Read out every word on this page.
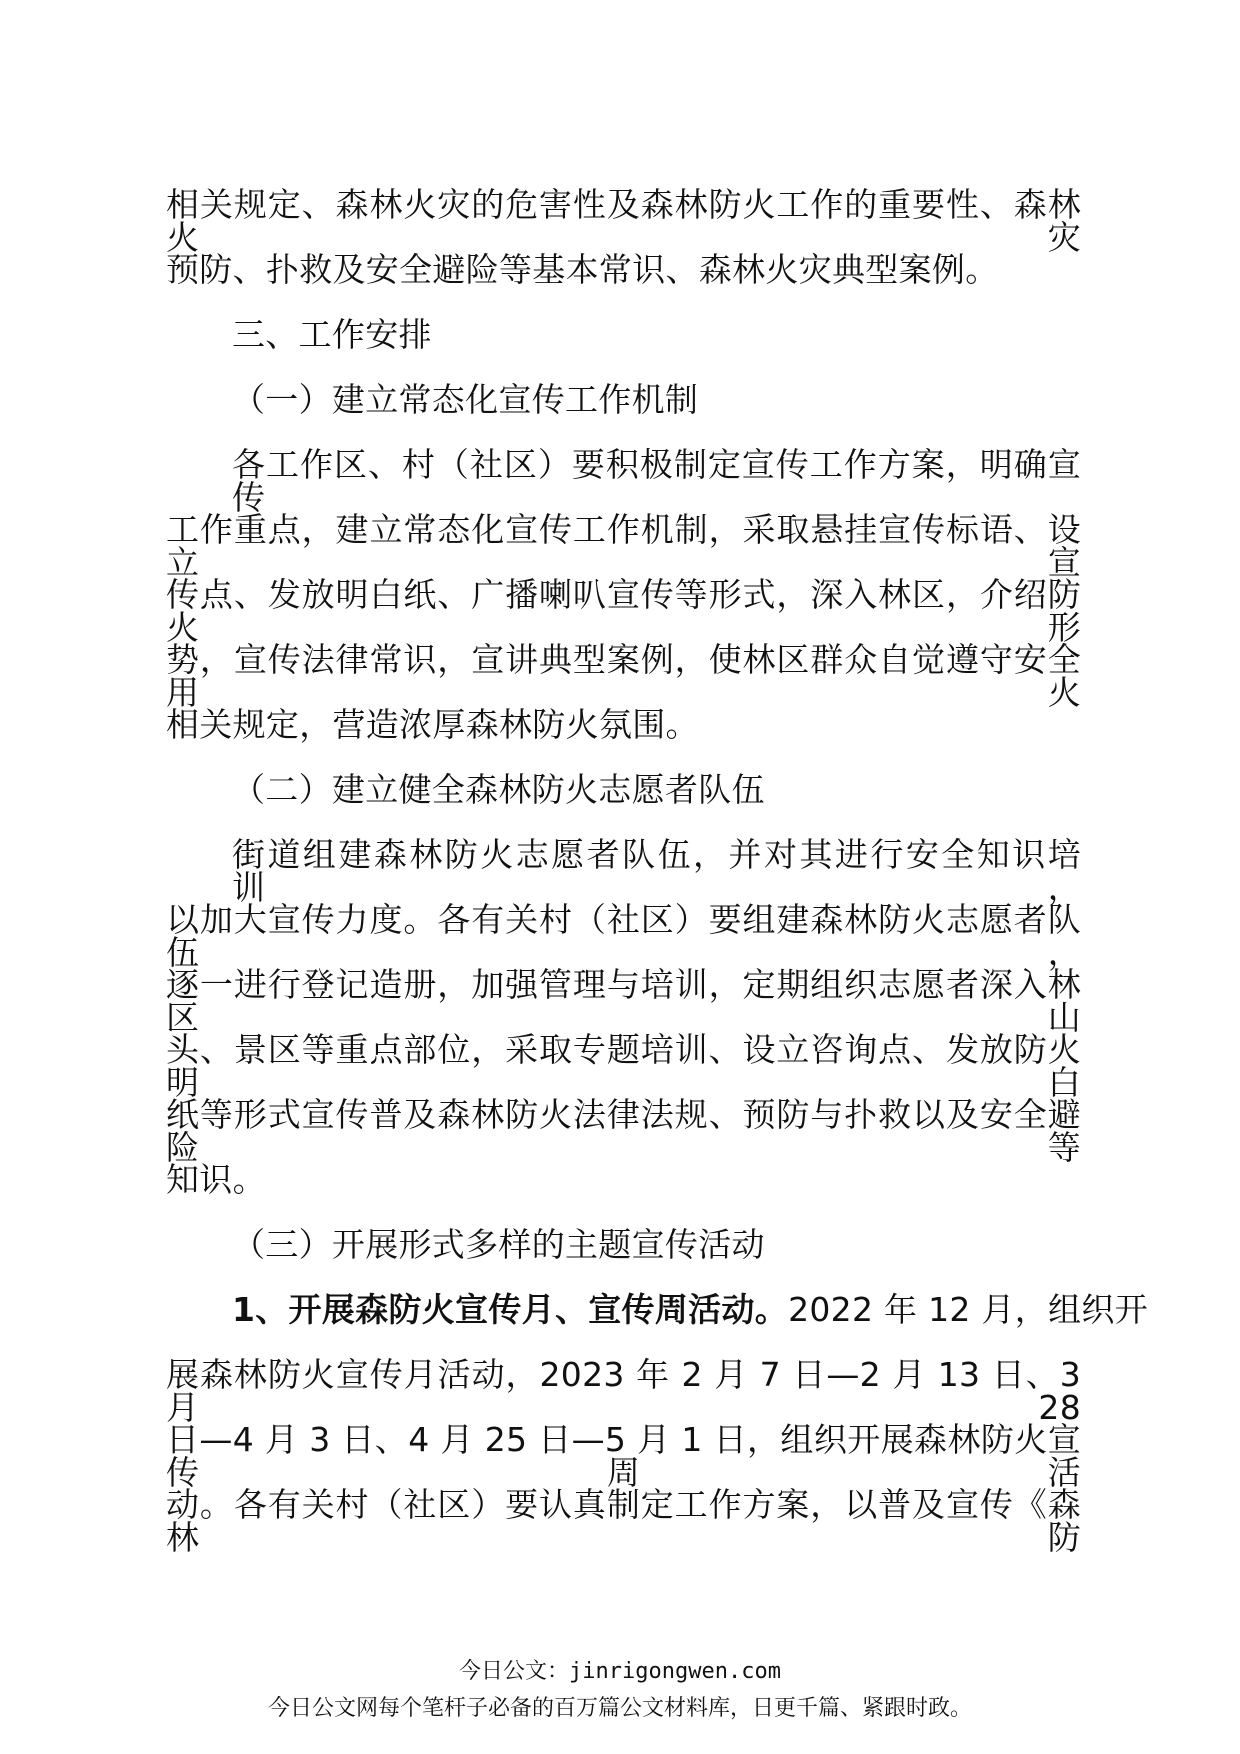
相关规定、森林火灾的危害性及森林防火工作的重要性、森林火灾
预防、扑救及安全避险等基本常识、森林火灾典型案例。
三、工作安排
（一）建立常态化宣传工作机制
各工作区、村（社区）要积极制定宣传工作方案，明确宣传
工作重点，建立常态化宣传工作机制，采取悬挂宣传标语、设立宣
传点、发放明白纸、广播喇叭宣传等形式，深入林区，介绍防火形
势，宣传法律常识，宣讲典型案例，使林区群众自觉遵守安全用火
相关规定，营造浓厚森林防火氛围。
（二）建立健全森林防火志愿者队伍
街道组建森林防火志愿者队伍，并对其进行安全知识培训，
以加大宣传力度。各有关村（社区）要组建森林防火志愿者队伍，
逐一进行登记造册，加强管理与培训，定期组织志愿者深入林区山
头、景区等重点部位，采取专题培训、设立咨询点、发放防火明白
纸等形式宣传普及森林防火法律法规、预防与扑救以及安全避险等
知识。
（三）开展形式多样的主题宣传活动
1、开展森防火宣传月、宣传周活动。2022 年 12 月，组织开
展森林防火宣传月活动，2023 年 2 月 7 日—2 月 13 日、3 月 28
日—4 月 3 日、4 月 25 日—5 月 1 日，组织开展森林防火宣传周活
动。各有关村（社区）要认真制定工作方案，以普及宣传《森林防
今日公文：jinrigongwen.com
今日公文网每个笔杆子必备的百万篇公文材料库，日更千篇、紧跟时政。
